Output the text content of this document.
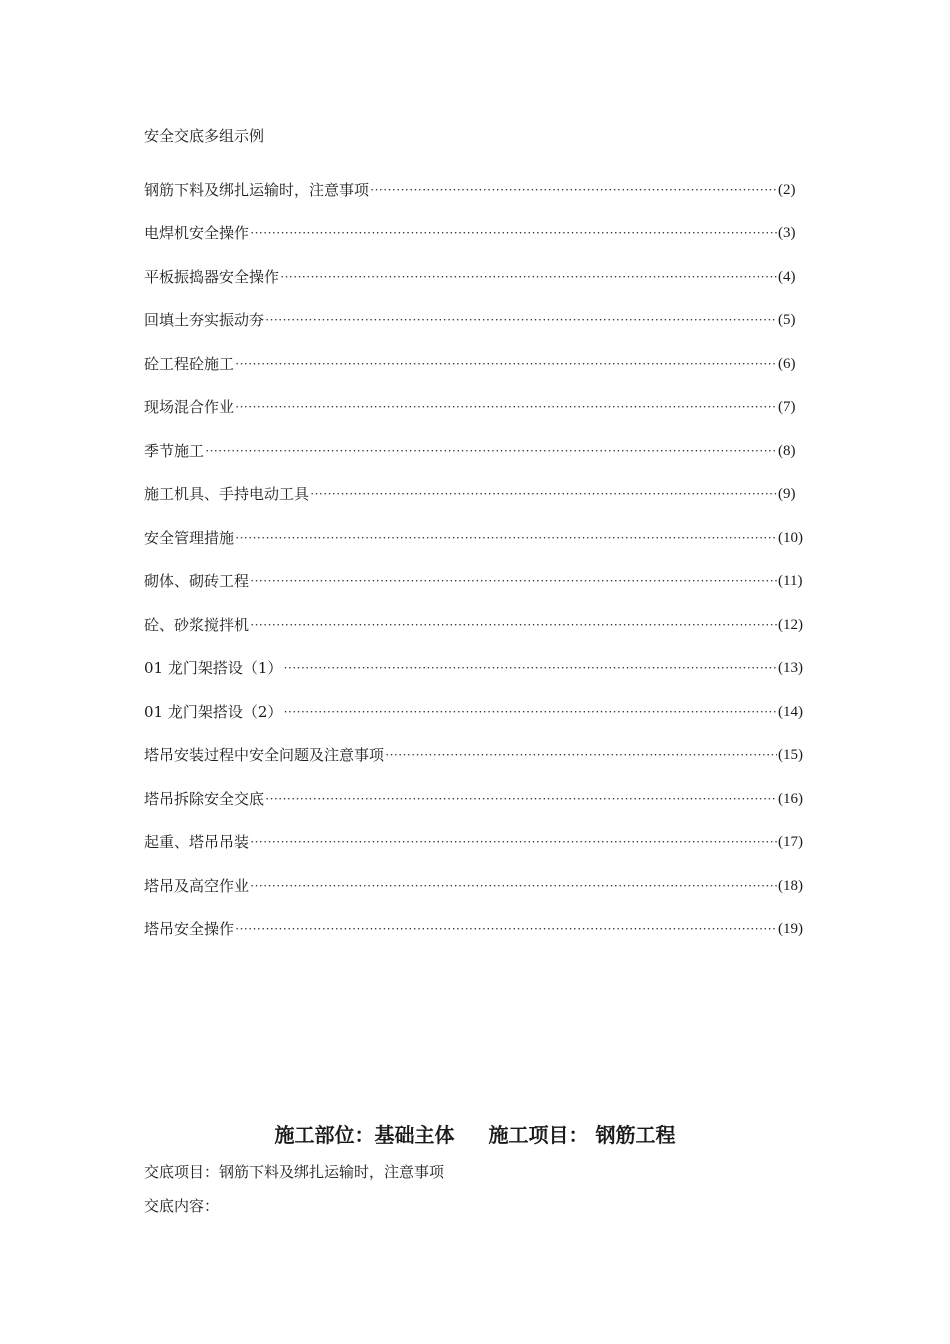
安全交底多组示例
钢筋下料及绑扎运输时，注意事项 ·····	(2)
电焊机安全操作 ·····	(3)
平板振捣器安全操作 ·····	(4)
回填土夯实振动夯 ·····	(5)
砼工程砼施工 ·····	(6)
现场混合作业 ·····	(7)
季节施工 ·····	(8)
施工机具、手持电动工具 ·····	(9)
安全管理措施 ·····	(10)
砌体、砌砖工程 ·····	(11)
砼、砂浆搅拌机 ·····	(12)
01 龙门架搭设（1） ·····	(13)
01 龙门架搭设（2） ·····	(14)
塔吊安装过程中安全问题及注意事项 ·····	(15)
塔吊拆除安全交底 ·····	(16)
起重、塔吊吊装 ·····	(17)
塔吊及高空作业 ·····	(18)
塔吊安全操作 ·····	(19)
施工部位：基础主体 施工项目： 钢筋工程
交底项目：钢筋下料及绑扎运输时，注意事项
交底内容：
